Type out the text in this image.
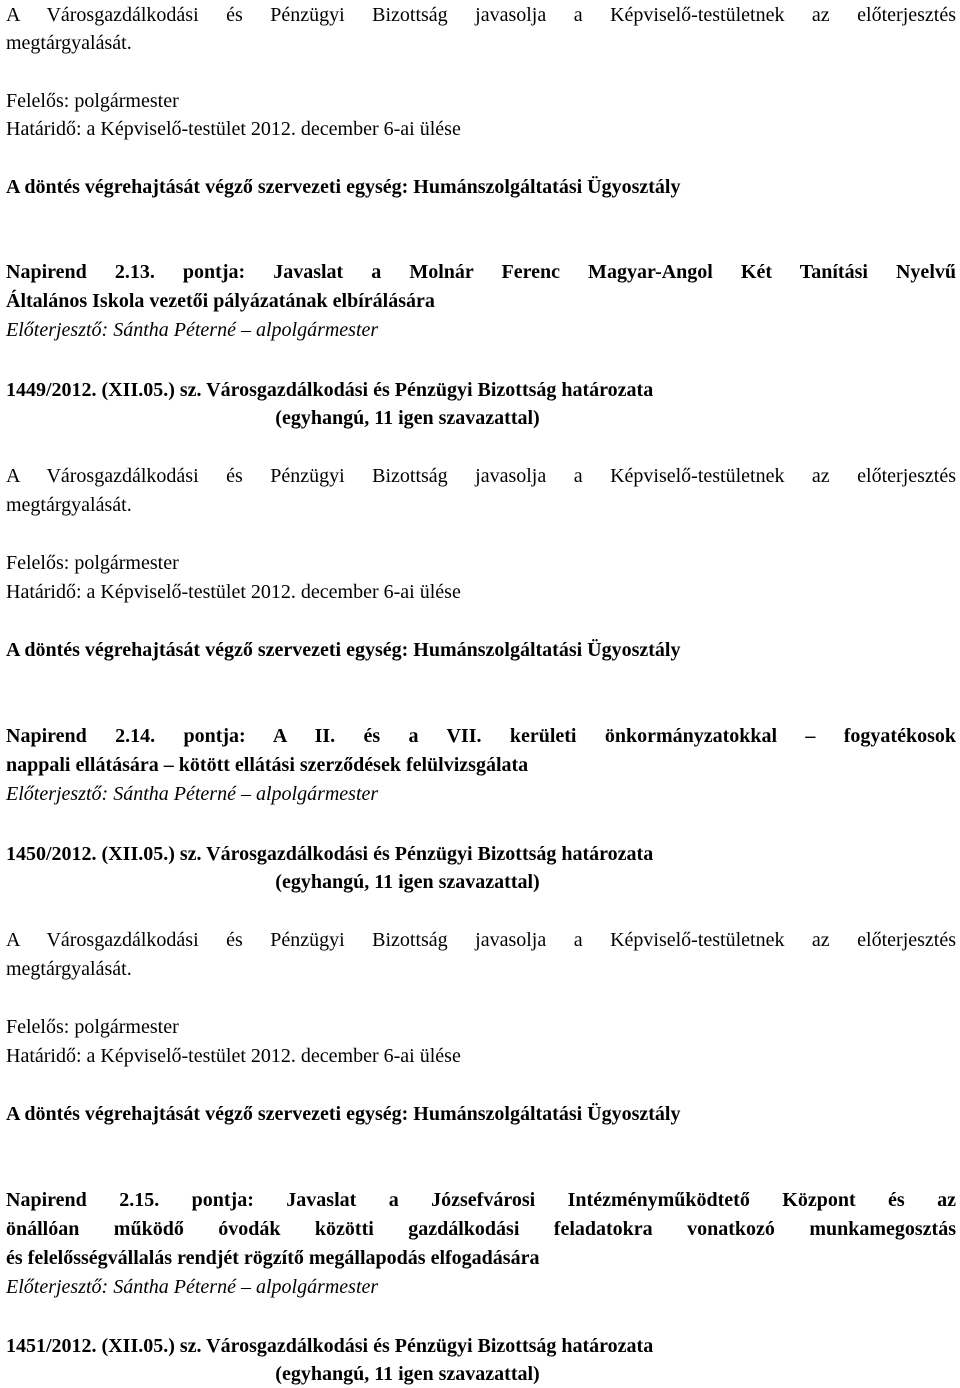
A Városgazdálkodási és Pénzügyi Bizottság javasolja a Képviselő-testületnek az előterjesztés
megtárgyalását.
Felelős: polgármester
Határidő: a Képviselő-testület 2012. december 6-ai ülése
A döntés végrehajtását végző szervezeti egység: Humánszolgáltatási Ügyosztály
Napirend 2.13. pontja: Javaslat a Molnár Ferenc Magyar-Angol Két Tanítási Nyelvű
Általános Iskola vezetői pályázatának elbírálására
Előterjesztő: Sántha Péterné – alpolgármester
1449/2012. (XII.05.) sz. Városgazdálkodási és Pénzügyi Bizottság határozata
(egyhangú, 11 igen szavazattal)
A Városgazdálkodási és Pénzügyi Bizottság javasolja a Képviselő-testületnek az előterjesztés
megtárgyalását.
Felelős: polgármester
Határidő: a Képviselő-testület 2012. december 6-ai ülése
A döntés végrehajtását végző szervezeti egység: Humánszolgáltatási Ügyosztály
Napirend 2.14. pontja: A II. és a VII. kerületi önkormányzatokkal – fogyatékosok
nappali ellátására – kötött ellátási szerződések felülvizsgálata
Előterjesztő: Sántha Péterné – alpolgármester
1450/2012. (XII.05.) sz. Városgazdálkodási és Pénzügyi Bizottság határozata
(egyhangú, 11 igen szavazattal)
A Városgazdálkodási és Pénzügyi Bizottság javasolja a Képviselő-testületnek az előterjesztés
megtárgyalását.
Felelős: polgármester
Határidő: a Képviselő-testület 2012. december 6-ai ülése
A döntés végrehajtását végző szervezeti egység: Humánszolgáltatási Ügyosztály
Napirend 2.15. pontja: Javaslat a Józsefvárosi Intézményműködtető Központ és az
önállóan működő óvodák közötti gazdálkodási feladatokra vonatkozó munkamegosztás
és felelősségvállalás rendjét rögzítő megállapodás elfogadására
Előterjesztő: Sántha Péterné – alpolgármester
1451/2012. (XII.05.) sz. Városgazdálkodási és Pénzügyi Bizottság határozata
(egyhangú, 11 igen szavazattal)
